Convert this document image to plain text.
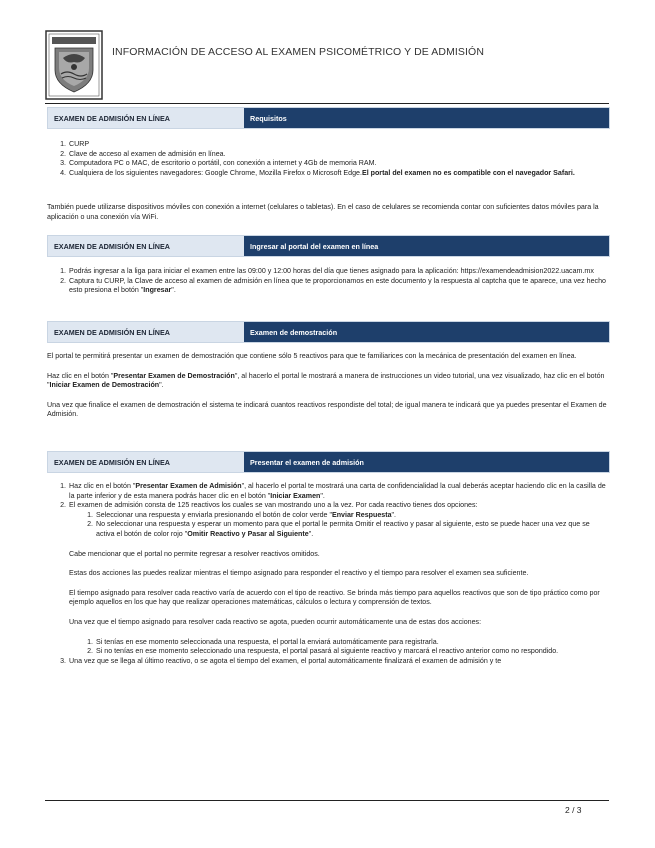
INFORMACIÓN DE ACCESO AL EXAMEN PSICOMÉTRICO Y DE ADMISIÓN
EXAMEN DE ADMISIÓN EN LÍNEA	Requisitos
1. CURP
2. Clave de acceso al examen de admisión en línea.
3. Computadora PC o MAC, de escritorio o portátil, con conexión a internet y 4Gb de memoria RAM.
4. Cualquiera de los siguientes navegadores: Google Chrome, Mozilla Firefox o Microsoft Edge.El portal del examen no es compatible con el navegador Safari.

También puede utilizarse dispositivos móviles con conexión a internet (celulares o tabletas). En el caso de celulares se recomienda contar con suficientes datos móviles para la aplicación o una conexión vía WiFi.

EXAMEN DE ADMISIÓN EN LÍNEA	Ingresar al portal del examen en línea
1. Podrás ingresar a la liga para iniciar el examen entre las 09:00 y 12:00 horas del día que tienes asignado para la aplicación: https://examendeadmision2022.uacam.mx
2. Captura tu CURP, la Clave de acceso al examen de admisión en línea que te proporcionamos en este documento y la respuesta al captcha que te aparece, una vez hecho esto presiona el botón "Ingresar".
EXAMEN DE ADMISIÓN EN LÍNEA	Examen de demostración

El portal te permitirá presentar un examen de demostración que contiene sólo 5 reactivos para que te familiarices con la mecánica de presentación del examen en línea.

Haz clic en el botón "Presentar Examen de Demostración", al hacerlo el portal le mostrará a manera de instrucciones un video tutorial, una vez visualizado, haz clic en el botón "Iniciar Examen de Demostración".

Una vez que finalice el examen de demostración el sistema te indicará cuantos reactivos respondiste del total; de igual manera te indicará que ya puedes presentar el Examen de Admisión.

EXAMEN DE ADMISIÓN EN LÍNEA	Presentar el examen de admisión
1. Haz clic en el botón "Presentar Examen de Admisión", al hacerlo el portal te mostrará una carta de confidencialidad la cual deberás aceptar haciendo clic en la casilla de la parte inferior y de esta manera podrás hacer clic en el botón "Iniciar Examen".
2. El examen de admisión consta de 125 reactivos los cuales se van mostrando uno a la vez. Por cada reactivo tienes dos opciones:
1. Seleccionar una respuesta y enviarla presionando el botón de color verde "Enviar Respuesta".
2. No seleccionar una respuesta y esperar un momento para que el portal le permita Omitir el reactivo y pasar al siguiente, esto se puede hacer una vez que se activa el botón de color rojo "Omitir Reactivo y Pasar al Siguiente".

Cabe mencionar que el portal no permite regresar a resolver reactivos omitidos.

Estas dos acciones las puedes realizar mientras el tiempo asignado para responder el reactivo y el tiempo para resolver el examen sea suficiente.

El tiempo asignado para resolver cada reactivo varía de acuerdo con el tipo de reactivo. Se brinda más tiempo para aquellos reactivos que son de tipo práctico como por ejemplo aquellos en los que hay que realizar operaciones matemáticas, cálculos o lectura y comprensión de textos.

Una vez que el tiempo asignado para resolver cada reactivo se agota, pueden ocurrir automáticamente una de estas dos acciones:

1. Si tenías en ese momento seleccionada una respuesta, el portal la enviará automáticamente para registrarla.
2. Si no tenías en ese momento seleccionado una respuesta, el portal pasará al siguiente reactivo y marcará el reactivo anterior como no respondido.
3. Una vez que se llega al último reactivo, o se agota el tiempo del examen, el portal automáticamente finalizará el examen de admisión y te
2 / 3
